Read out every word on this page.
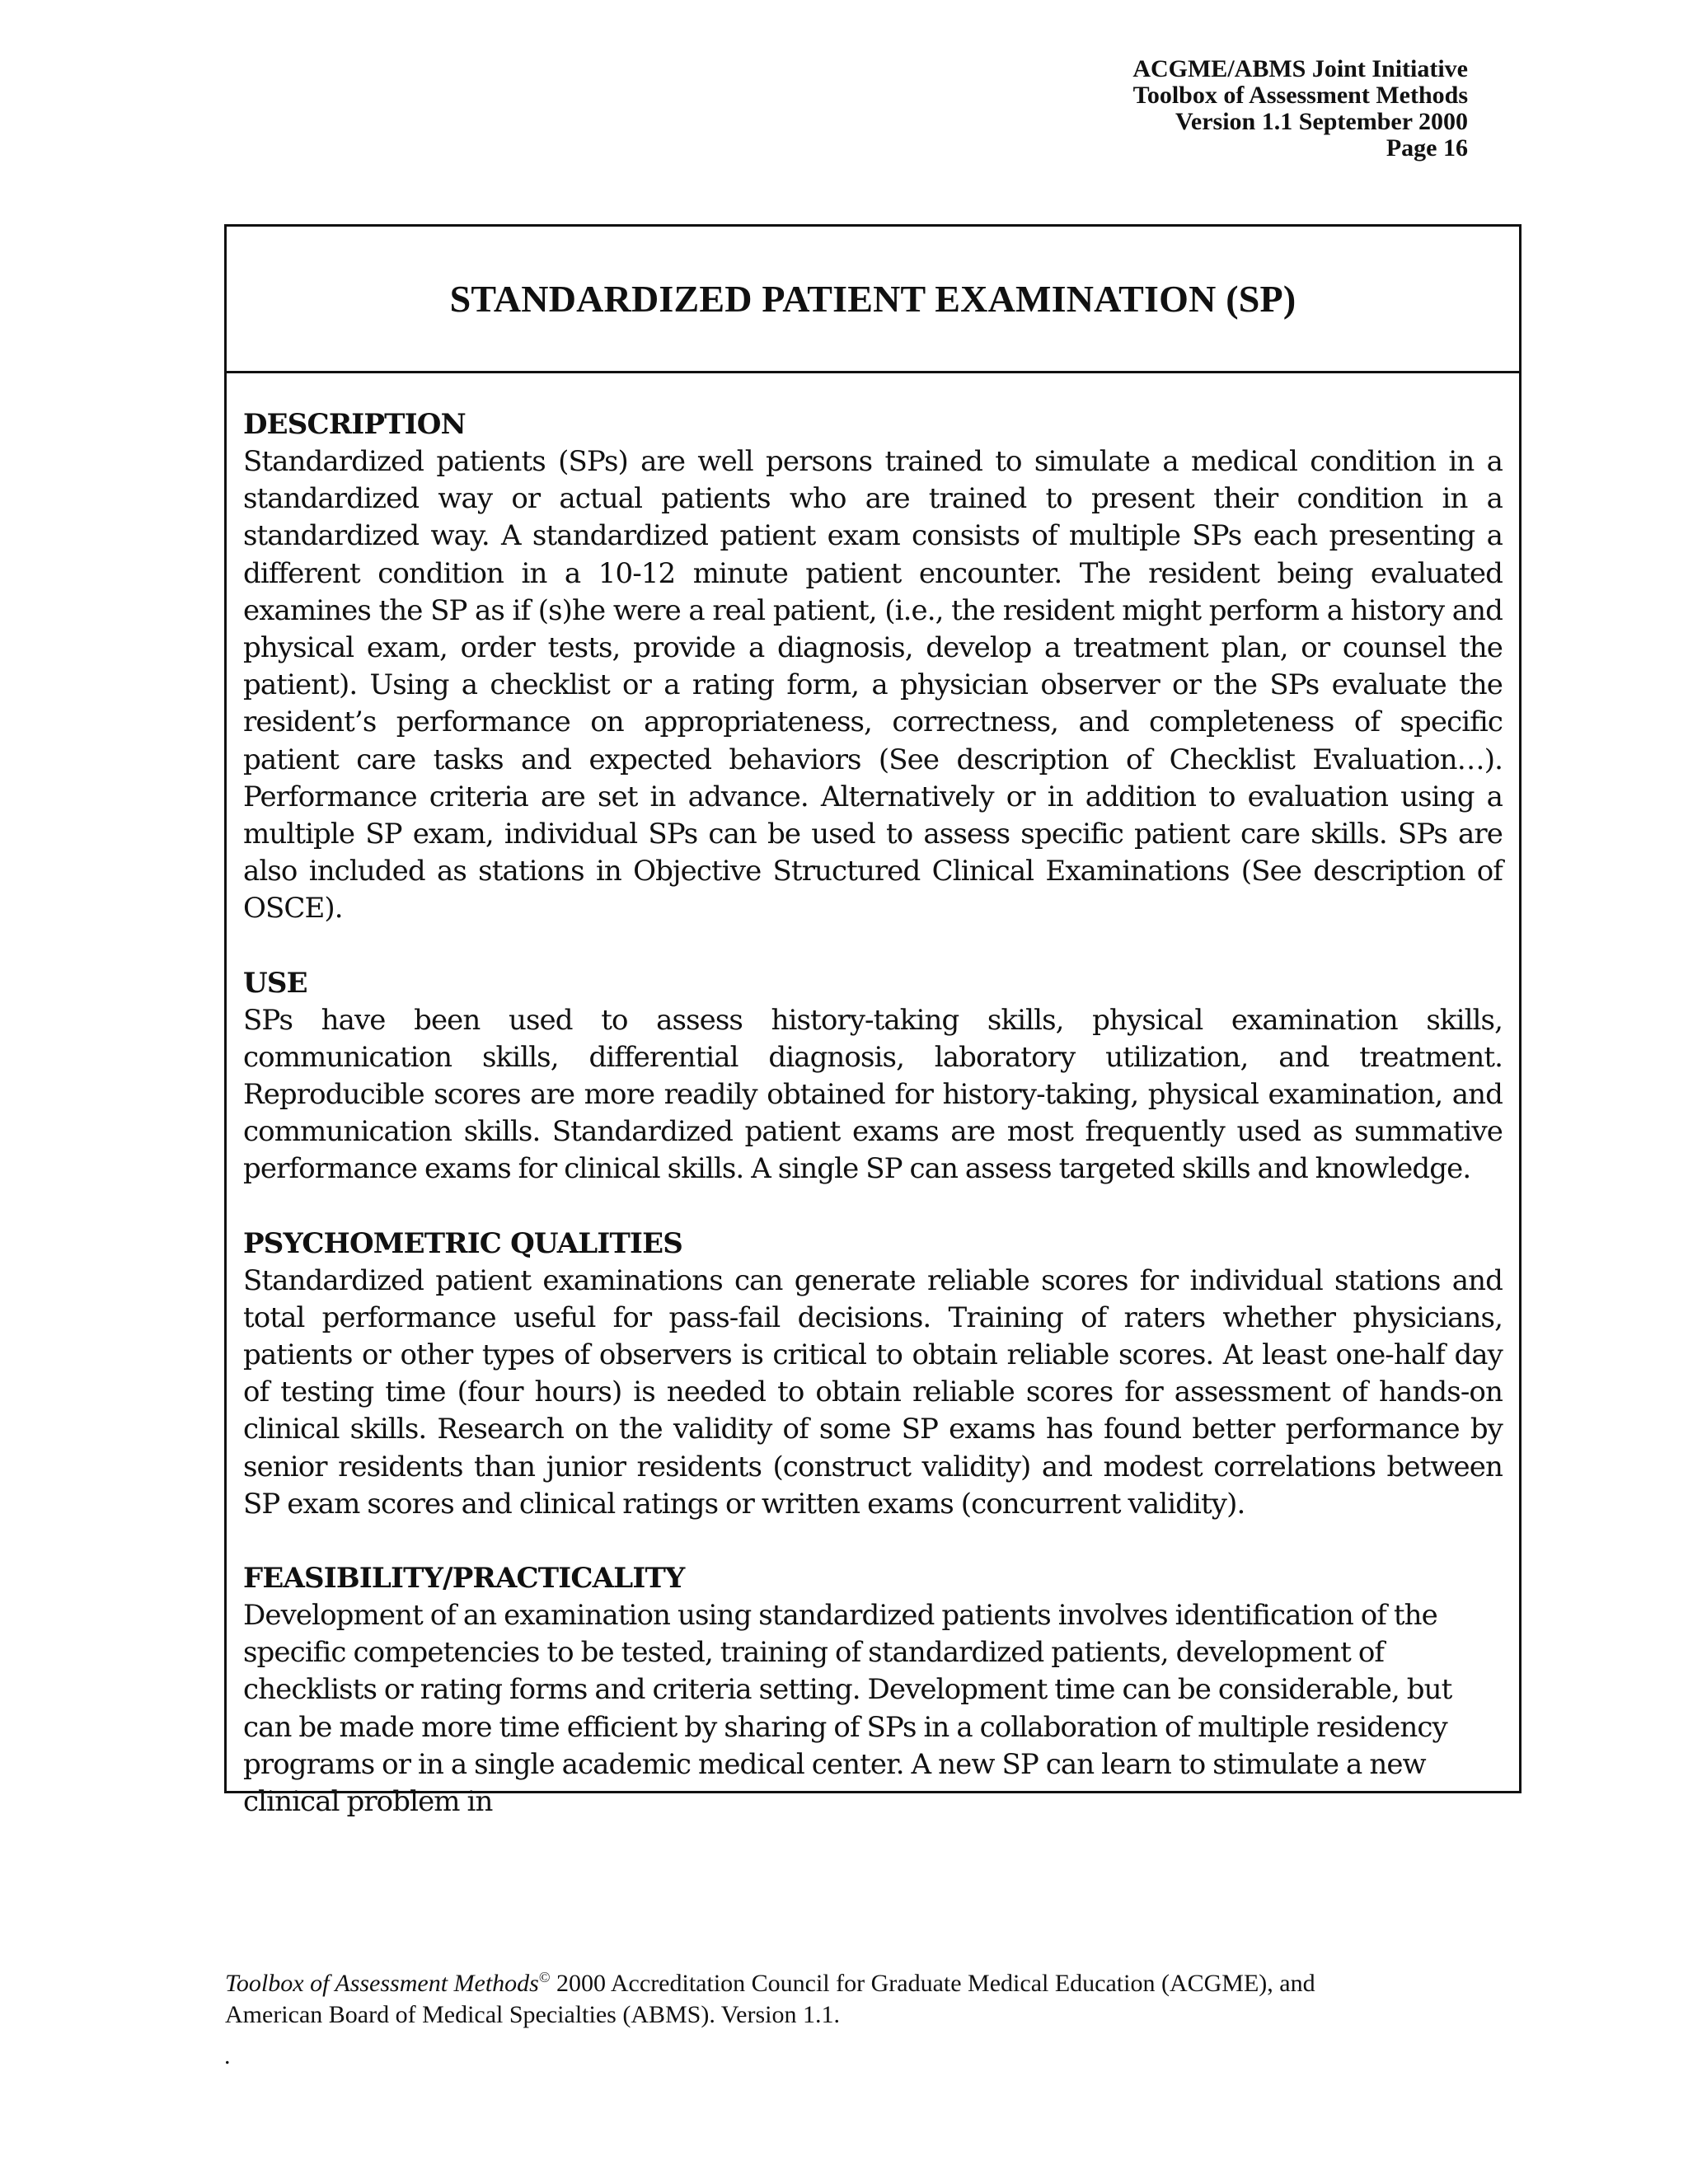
ACGME/ABMS Joint Initiative
Toolbox of Assessment Methods
Version 1.1 September 2000
Page 16
STANDARDIZED PATIENT EXAMINATION (SP)
DESCRIPTION
Standardized patients (SPs) are well persons trained to simulate a medical condition in a standardized way or actual patients who are trained to present their condition in a standardized way. A standardized patient exam consists of multiple SPs each presenting a different condition in a 10-12 minute patient encounter. The resident being evaluated examines the SP as if (s)he were a real patient, (i.e., the resident might perform a history and physical exam, order tests, provide a diagnosis, develop a treatment plan, or counsel the patient). Using a checklist or a rating form, a physician observer or the SPs evaluate the resident’s performance on appropriateness, correctness, and completeness of specific patient care tasks and expected behaviors (See description of Checklist Evaluation…). Performance criteria are set in advance. Alternatively or in addition to evaluation using a multiple SP exam, individual SPs can be used to assess specific patient care skills. SPs are also included as stations in Objective Structured Clinical Examinations (See description of OSCE).
USE
SPs have been used to assess history-taking skills, physical examination skills, communication skills, differential diagnosis, laboratory utilization, and treatment. Reproducible scores are more readily obtained for history-taking, physical examination, and communication skills. Standardized patient exams are most frequently used as summative performance exams for clinical skills. A single SP can assess targeted skills and knowledge.
PSYCHOMETRIC QUALITIES
Standardized patient examinations can generate reliable scores for individual stations and total performance useful for pass-fail decisions. Training of raters whether physicians, patients or other types of observers is critical to obtain reliable scores. At least one-half day of testing time (four hours) is needed to obtain reliable scores for assessment of hands-on clinical skills. Research on the validity of some SP exams has found better performance by senior residents than junior residents (construct validity) and modest correlations between SP exam scores and clinical ratings or written exams (concurrent validity).
FEASIBILITY/PRACTICALITY
Development of an examination using standardized patients involves identification of the specific competencies to be tested, training of standardized patients, development of checklists or rating forms and criteria setting. Development time can be considerable, but can be made more time efficient by sharing of SPs in a collaboration of multiple residency programs or in a single academic medical center. A new SP can learn to stimulate a new clinical problem in
Toolbox of Assessment Methods© 2000 Accreditation Council for Graduate Medical Education (ACGME), and
American Board of Medical Specialties (ABMS). Version 1.1.
.
